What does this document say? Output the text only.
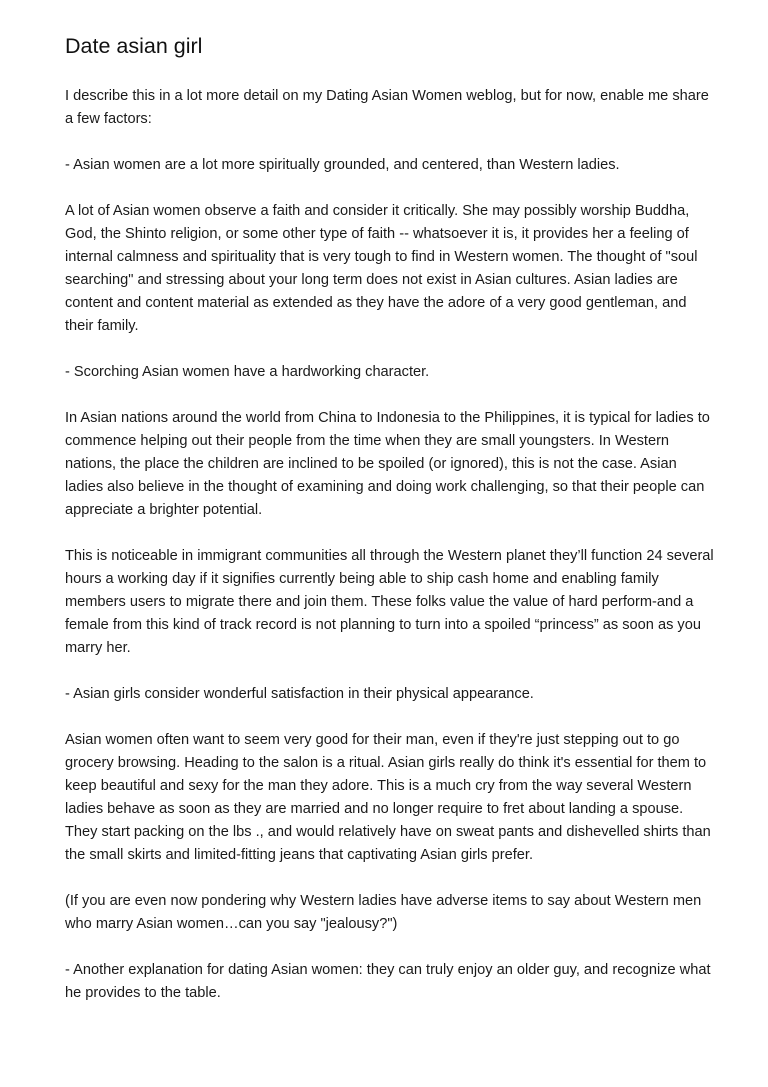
Date asian girl

I describe this in a lot more detail on my Dating Asian Women weblog, but for now, enable me share a few factors:

- Asian women are a lot more spiritually grounded, and centered, than Western ladies.

A lot of Asian women observe a faith and consider it critically. She may possibly worship Buddha, God, the Shinto religion, or some other type of faith -- whatsoever it is, it provides her a feeling of internal calmness and spirituality that is very tough to find in Western women. The thought of "soul searching" and stressing about your long term does not exist in Asian cultures. Asian ladies are content and content material as extended as they have the adore of a very good gentleman, and their family.

- Scorching Asian women have a hardworking character.

In Asian nations around the world from China to Indonesia to the Philippines, it is typical for ladies to commence helping out their people from the time when they are small youngsters. In Western nations, the place the children are inclined to be spoiled (or ignored), this is not the case. Asian ladies also believe in the thought of examining and doing work challenging, so that their people can appreciate a brighter potential.

This is noticeable in immigrant communities all through the Western planet they’ll function 24 several hours a working day if it signifies currently being able to ship cash home and enabling family members users to migrate there and join them. These folks value the value of hard perform-and a female from this kind of track record is not planning to turn into a spoiled “princess” as soon as you marry her.

- Asian girls consider wonderful satisfaction in their physical appearance.

Asian women often want to seem very good for their man, even if they're just stepping out to go grocery browsing. Heading to the salon is a ritual. Asian girls really do think it's essential for them to keep beautiful and sexy for the man they adore. This is a much cry from the way several Western ladies behave as soon as they are married and no longer require to fret about landing a spouse. They start packing on the lbs ., and would relatively have on sweat pants and dishevelled shirts than the small skirts and limited-fitting jeans that captivating Asian girls prefer.

(If you are even now pondering why Western ladies have adverse items to say about Western men who marry Asian women…can you say "jealousy?")

- Another explanation for dating Asian women: they can truly enjoy an older guy, and recognize what he provides to the table.
